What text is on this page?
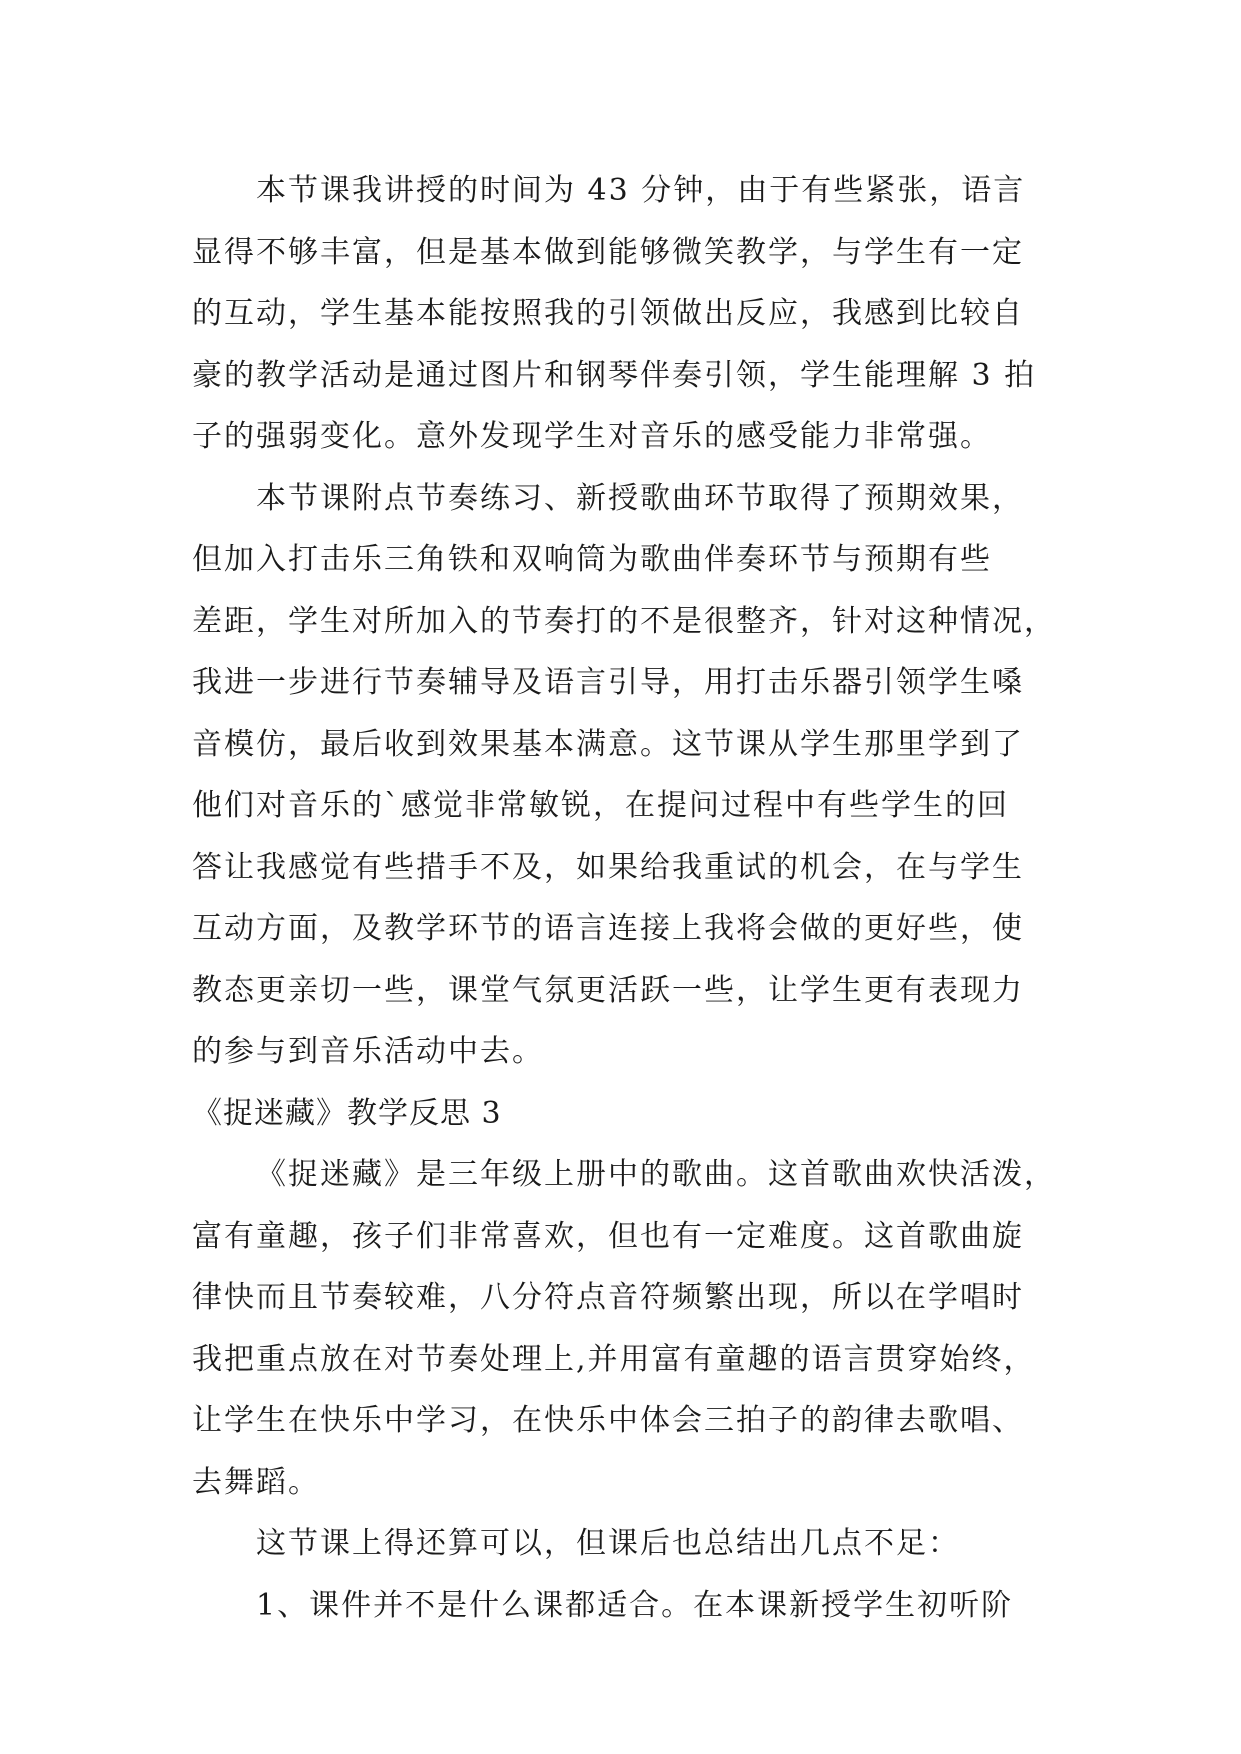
本节课我讲授的时间为 43 分钟，由于有些紧张，语言
显得不够丰富，但是基本做到能够微笑教学，与学生有一定
的互动，学生基本能按照我的引领做出反应，我感到比较自
豪的教学活动是通过图片和钢琴伴奏引领，学生能理解 3 拍
子的强弱变化。意外发现学生对音乐的感受能力非常强。
本节课附点节奏练习、新授歌曲环节取得了预期效果，
但加入打击乐三角铁和双响筒为歌曲伴奏环节与预期有些
差距，学生对所加入的节奏打的不是很整齐，针对这种情况，
我进一步进行节奏辅导及语言引导，用打击乐器引领学生嗓
音模仿，最后收到效果基本满意。这节课从学生那里学到了
他们对音乐的`感觉非常敏锐，在提问过程中有些学生的回
答让我感觉有些措手不及，如果给我重试的机会，在与学生
互动方面，及教学环节的语言连接上我将会做的更好些，使
教态更亲切一些，课堂气氛更活跃一些，让学生更有表现力
的参与到音乐活动中去。
《捉迷藏》教学反思 3
《捉迷藏》是三年级上册中的歌曲。这首歌曲欢快活泼，
富有童趣，孩子们非常喜欢，但也有一定难度。这首歌曲旋
律快而且节奏较难，八分符点音符频繁出现，所以在学唱时
我把重点放在对节奏处理上,并用富有童趣的语言贯穿始终，
让学生在快乐中学习，在快乐中体会三拍子的韵律去歌唱、
去舞蹈。
这节课上得还算可以，但课后也总结出几点不足：
1、课件并不是什么课都适合。在本课新授学生初听阶
